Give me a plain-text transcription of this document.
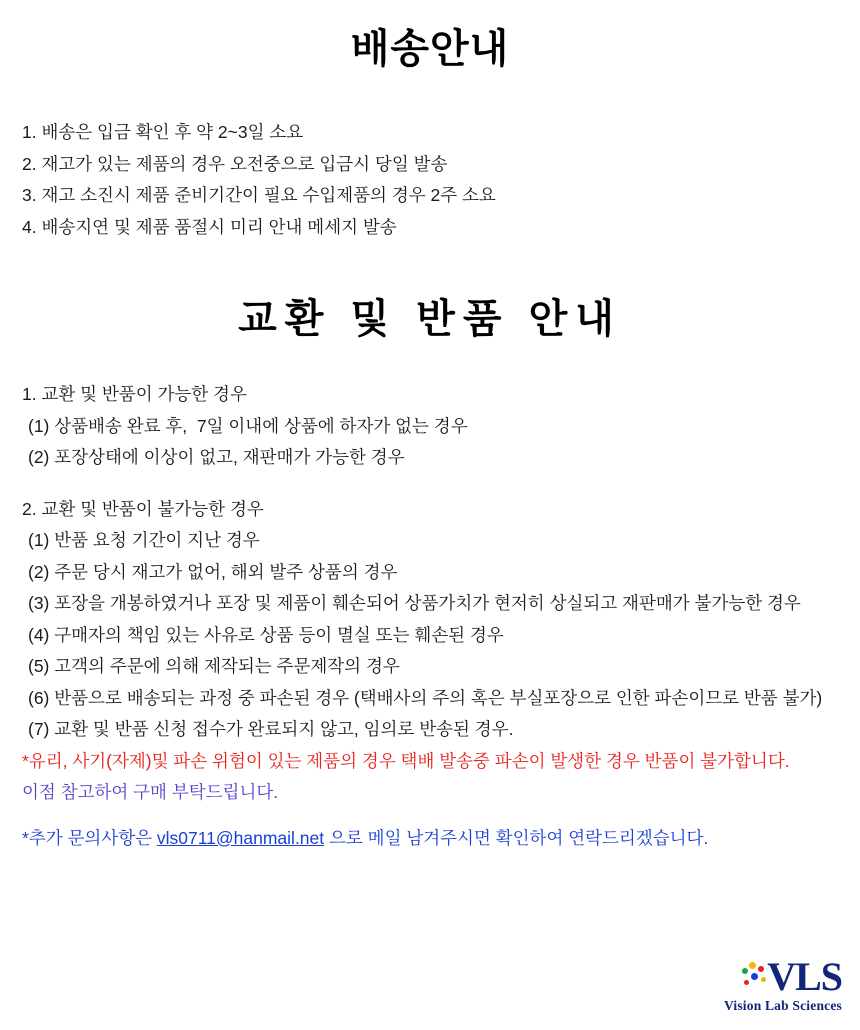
배송안내

1. 배송은 입금 확인 후 약 2~3일 소요

2. 재고가 있는 제품의 경우 오전중으로 입금시 당일 발송

3. 재고 소진시 제품 준비기간이 필요 수입제품의 경우 2주 소요

4. 배송지연 및 제품 품절시 미리 안내 메세지 발송

교환 및 반품 안내

1. 교환 및 반품이 가능한 경우

(1) 상품배송 완료 후,  7일 이내에 상품에 하자가 없는 경우

(2) 포장상태에 이상이 없고, 재판매가 가능한 경우

2. 교환 및 반품이 불가능한 경우

(1) 반품 요청 기간이 지난 경우

(2) 주문 당시 재고가 없어, 해외 발주 상품의 경우

(3) 포장을 개봉하였거나 포장 및 제품이 훼손되어 상품가치가 현저히 상실되고 재판매가 불가능한 경우

(4) 구매자의 책임 있는 사유로 상품 등이 멸실 또는 훼손된 경우

(5) 고객의 주문에 의해 제작되는 주문제작의 경우

(6) 반품으로 배송되는 과정 중 파손된 경우 (택배사의 주의 혹은 부실포장으로 인한 파손이므로 반품 불가)

(7) 교환 및 반품 신청 접수가 완료되지 않고, 임의로 반송된 경우.

*유리, 사기(자제)및 파손 위험이 있는 제품의 경우 택배 발송중 파손이 발생한 경우 반품이 불가합니다.

이점 참고하여 구매 부탁드립니다.

*추가 문의사항은 vls0711@hanmail.net 으로 메일 남겨주시면 확인하여 연락드리겠습니다.

VLS
Vision Lab Sciences
